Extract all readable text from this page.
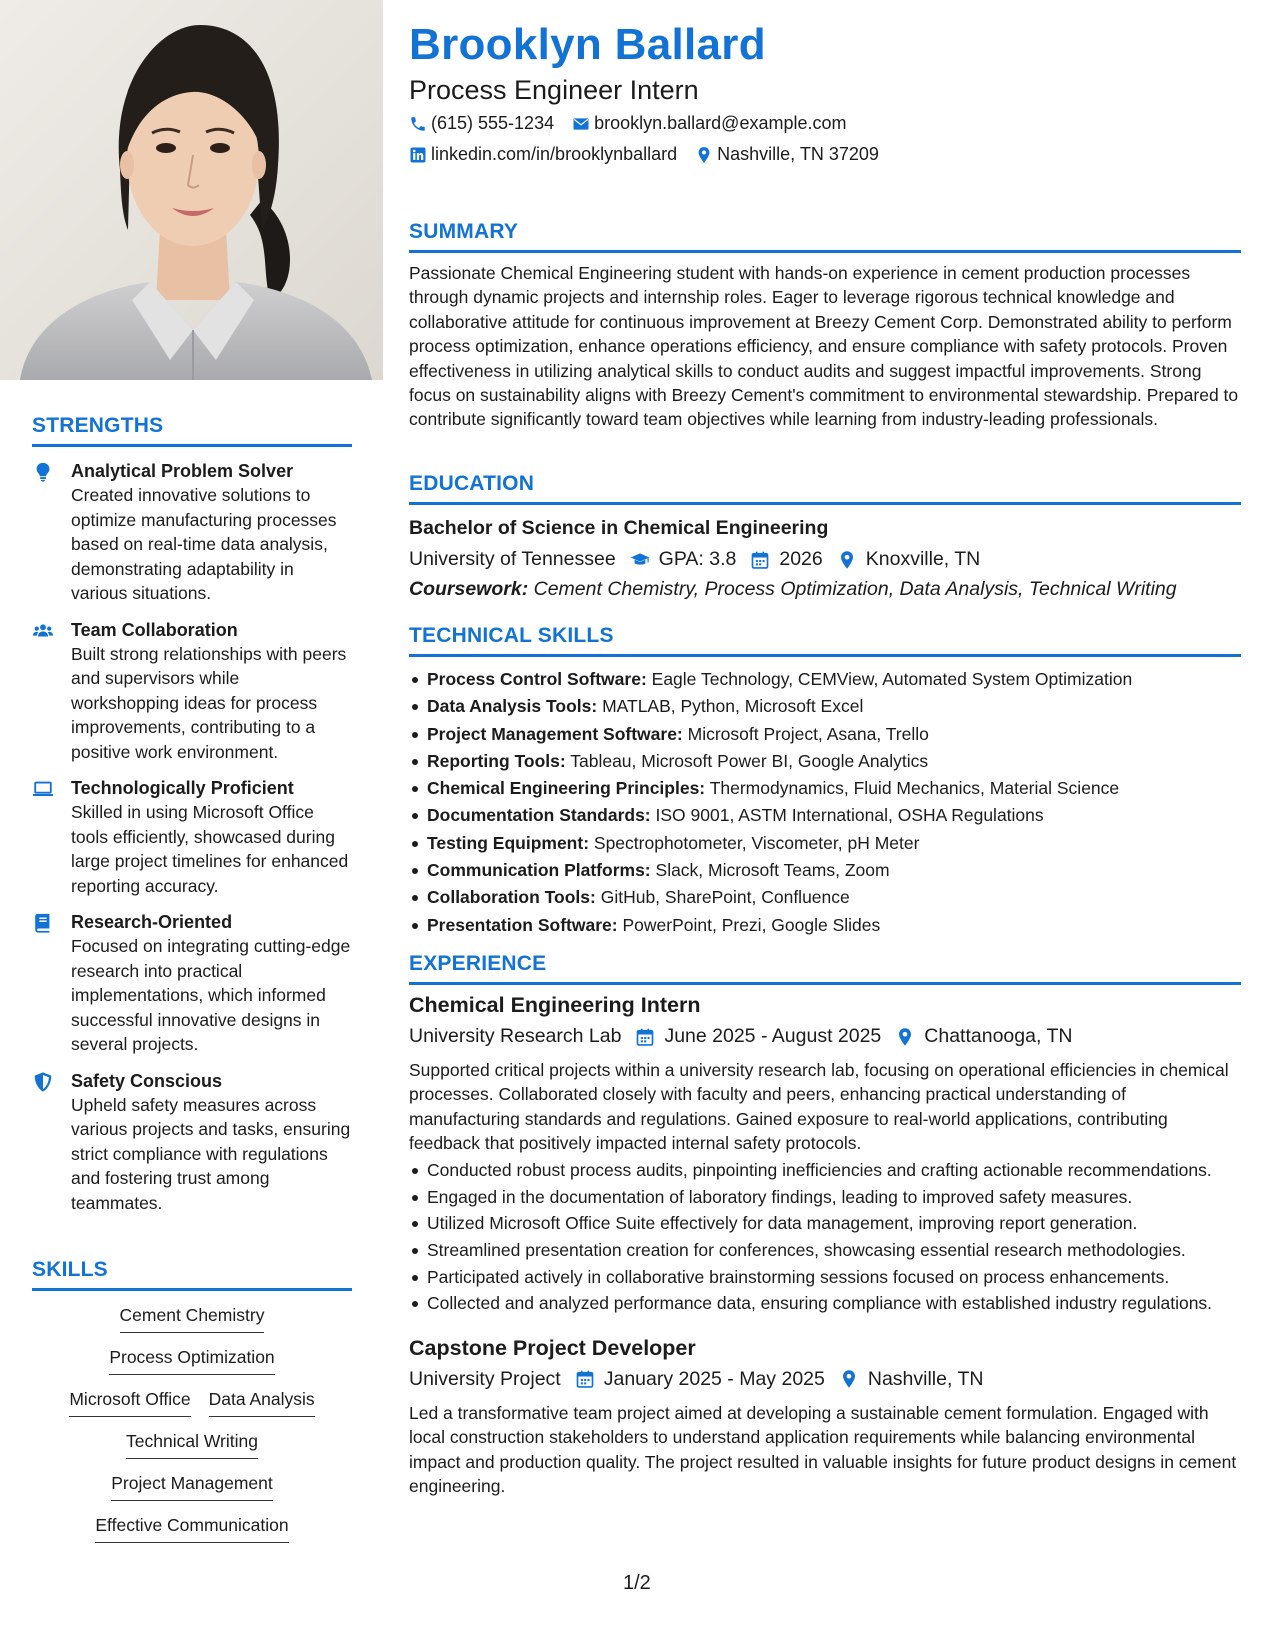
STRENGTHS
Analytical Problem Solver
Created innovative solutions to optimize manufacturing processes based on real-time data analysis, demonstrating adaptability in various situations.
Team Collaboration
Built strong relationships with peers and supervisors while workshopping ideas for process improvements, contributing to a positive work environment.
Technologically Proficient
Skilled in using Microsoft Office tools efficiently, showcased during large project timelines for enhanced reporting accuracy.
Research-Oriented
Focused on integrating cutting-edge research into practical implementations, which informed successful innovative designs in several projects.
Safety Conscious
Upheld safety measures across various projects and tasks, ensuring strict compliance with regulations and fostering trust among teammates.
SKILLS
Cement Chemistry
Process Optimization
Microsoft Office Data Analysis
Technical Writing
Project Management
Effective Communication
Brooklyn Ballard
Process Engineer Intern
(615) 555-1234 brooklyn.ballard@example.com
linkedin.com/in/brooklynballard Nashville, TN 37209
SUMMARY
Passionate Chemical Engineering student with hands-on experience in cement production processes through dynamic projects and internship roles. Eager to leverage rigorous technical knowledge and collaborative attitude for continuous improvement at Breezy Cement Corp. Demonstrated ability to perform process optimization, enhance operations efficiency, and ensure compliance with safety protocols. Proven effectiveness in utilizing analytical skills to conduct audits and suggest impactful improvements. Strong focus on sustainability aligns with Breezy Cement's commitment to environmental stewardship. Prepared to contribute significantly toward team objectives while learning from industry-leading professionals.
EDUCATION
Bachelor of Science in Chemical Engineering
University of Tennessee GPA: 3.8 2026 Knoxville, TN
Coursework: Cement Chemistry, Process Optimization, Data Analysis, Technical Writing
TECHNICAL SKILLS
Process Control Software: Eagle Technology, CEMView, Automated System Optimization
Data Analysis Tools: MATLAB, Python, Microsoft Excel
Project Management Software: Microsoft Project, Asana, Trello
Reporting Tools: Tableau, Microsoft Power BI, Google Analytics
Chemical Engineering Principles: Thermodynamics, Fluid Mechanics, Material Science
Documentation Standards: ISO 9001, ASTM International, OSHA Regulations
Testing Equipment: Spectrophotometer, Viscometer, pH Meter
Communication Platforms: Slack, Microsoft Teams, Zoom
Collaboration Tools: GitHub, SharePoint, Confluence
Presentation Software: PowerPoint, Prezi, Google Slides
EXPERIENCE
Chemical Engineering Intern
University Research Lab June 2025 - August 2025 Chattanooga, TN
Supported critical projects within a university research lab, focusing on operational efficiencies in chemical processes. Collaborated closely with faculty and peers, enhancing practical understanding of manufacturing standards and regulations. Gained exposure to real-world applications, contributing feedback that positively impacted internal safety protocols.
Conducted robust process audits, pinpointing inefficiencies and crafting actionable recommendations.
Engaged in the documentation of laboratory findings, leading to improved safety measures.
Utilized Microsoft Office Suite effectively for data management, improving report generation.
Streamlined presentation creation for conferences, showcasing essential research methodologies.
Participated actively in collaborative brainstorming sessions focused on process enhancements.
Collected and analyzed performance data, ensuring compliance with established industry regulations.
Capstone Project Developer
University Project January 2025 - May 2025 Nashville, TN
Led a transformative team project aimed at developing a sustainable cement formulation. Engaged with local construction stakeholders to understand application requirements while balancing environmental impact and production quality. The project resulted in valuable insights for future product designs in cement engineering.
1/2
